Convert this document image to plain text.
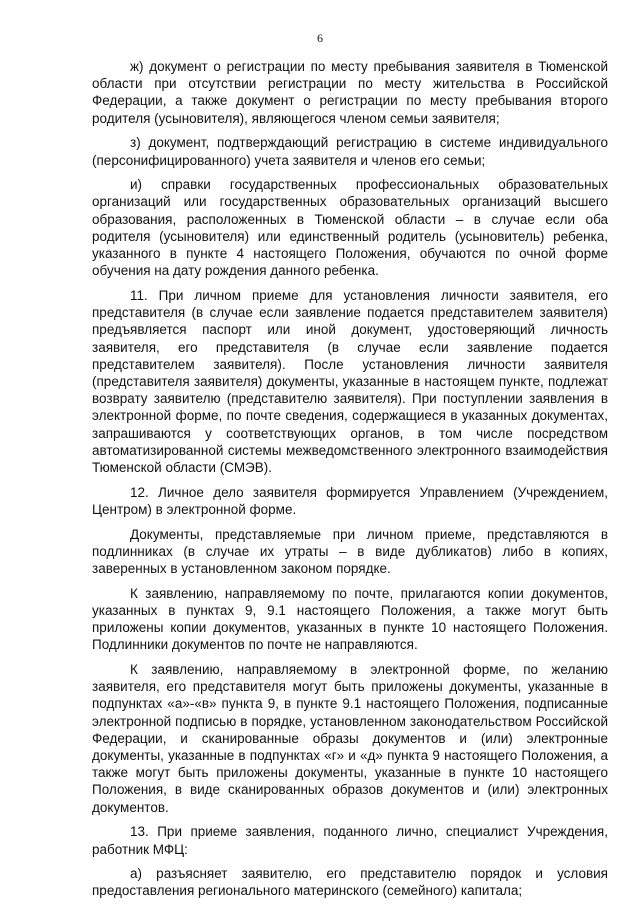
6

ж) документ о регистрации по месту пребывания заявителя в Тюменской области при отсутствии регистрации по месту жительства в Российской Федерации, а также документ о регистрации по месту пребывания второго родителя (усыновителя), являющегося членом семьи заявителя;

з) документ, подтверждающий регистрацию в системе индивидуального (персонифицированного) учета заявителя и членов его семьи;

и) справки государственных профессиональных образовательных организаций или государственных образовательных организаций высшего образования, расположенных в Тюменской области – в случае если оба родителя (усыновителя) или единственный родитель (усыновитель) ребенка, указанного в пункте 4 настоящего Положения, обучаются по очной форме обучения на дату рождения данного ребенка.

11. При личном приеме для установления личности заявителя, его представителя (в случае если заявление подается представителем заявителя) предъявляется паспорт или иной документ, удостоверяющий личность заявителя, его представителя (в случае если заявление подается представителем заявителя). После установления личности заявителя (представителя заявителя) документы, указанные в настоящем пункте, подлежат возврату заявителю (представителю заявителя). При поступлении заявления в электронной форме, по почте сведения, содержащиеся в указанных документах, запрашиваются у соответствующих органов, в том числе посредством автоматизированной системы межведомственного электронного взаимодействия Тюменской области (СМЭВ).

12. Личное дело заявителя формируется Управлением (Учреждением, Центром) в электронной форме.

Документы, представляемые при личном приеме, представляются в подлинниках (в случае их утраты – в виде дубликатов) либо в копиях, заверенных в установленном законом порядке.

К заявлению, направляемому по почте, прилагаются копии документов, указанных в пунктах 9, 9.1 настоящего Положения, а также могут быть приложены копии документов, указанных в пункте 10 настоящего Положения. Подлинники документов по почте не направляются.

К заявлению, направляемому в электронной форме, по желанию заявителя, его представителя могут быть приложены документы, указанные в подпунктах «а»-«в» пункта 9, в пункте 9.1 настоящего Положения, подписанные электронной подписью в порядке, установленном законодательством Российской Федерации, и сканированные образы документов и (или) электронные документы, указанные в подпунктах «г» и «д» пункта 9 настоящего Положения, а также могут быть приложены документы, указанные в пункте 10 настоящего Положения, в виде сканированных образов документов и (или) электронных документов.

13. При приеме заявления, поданного лично, специалист Учреждения, работник МФЦ:

а) разъясняет заявителю, его представителю порядок и условия предоставления регионального материнского (семейного) капитала;
